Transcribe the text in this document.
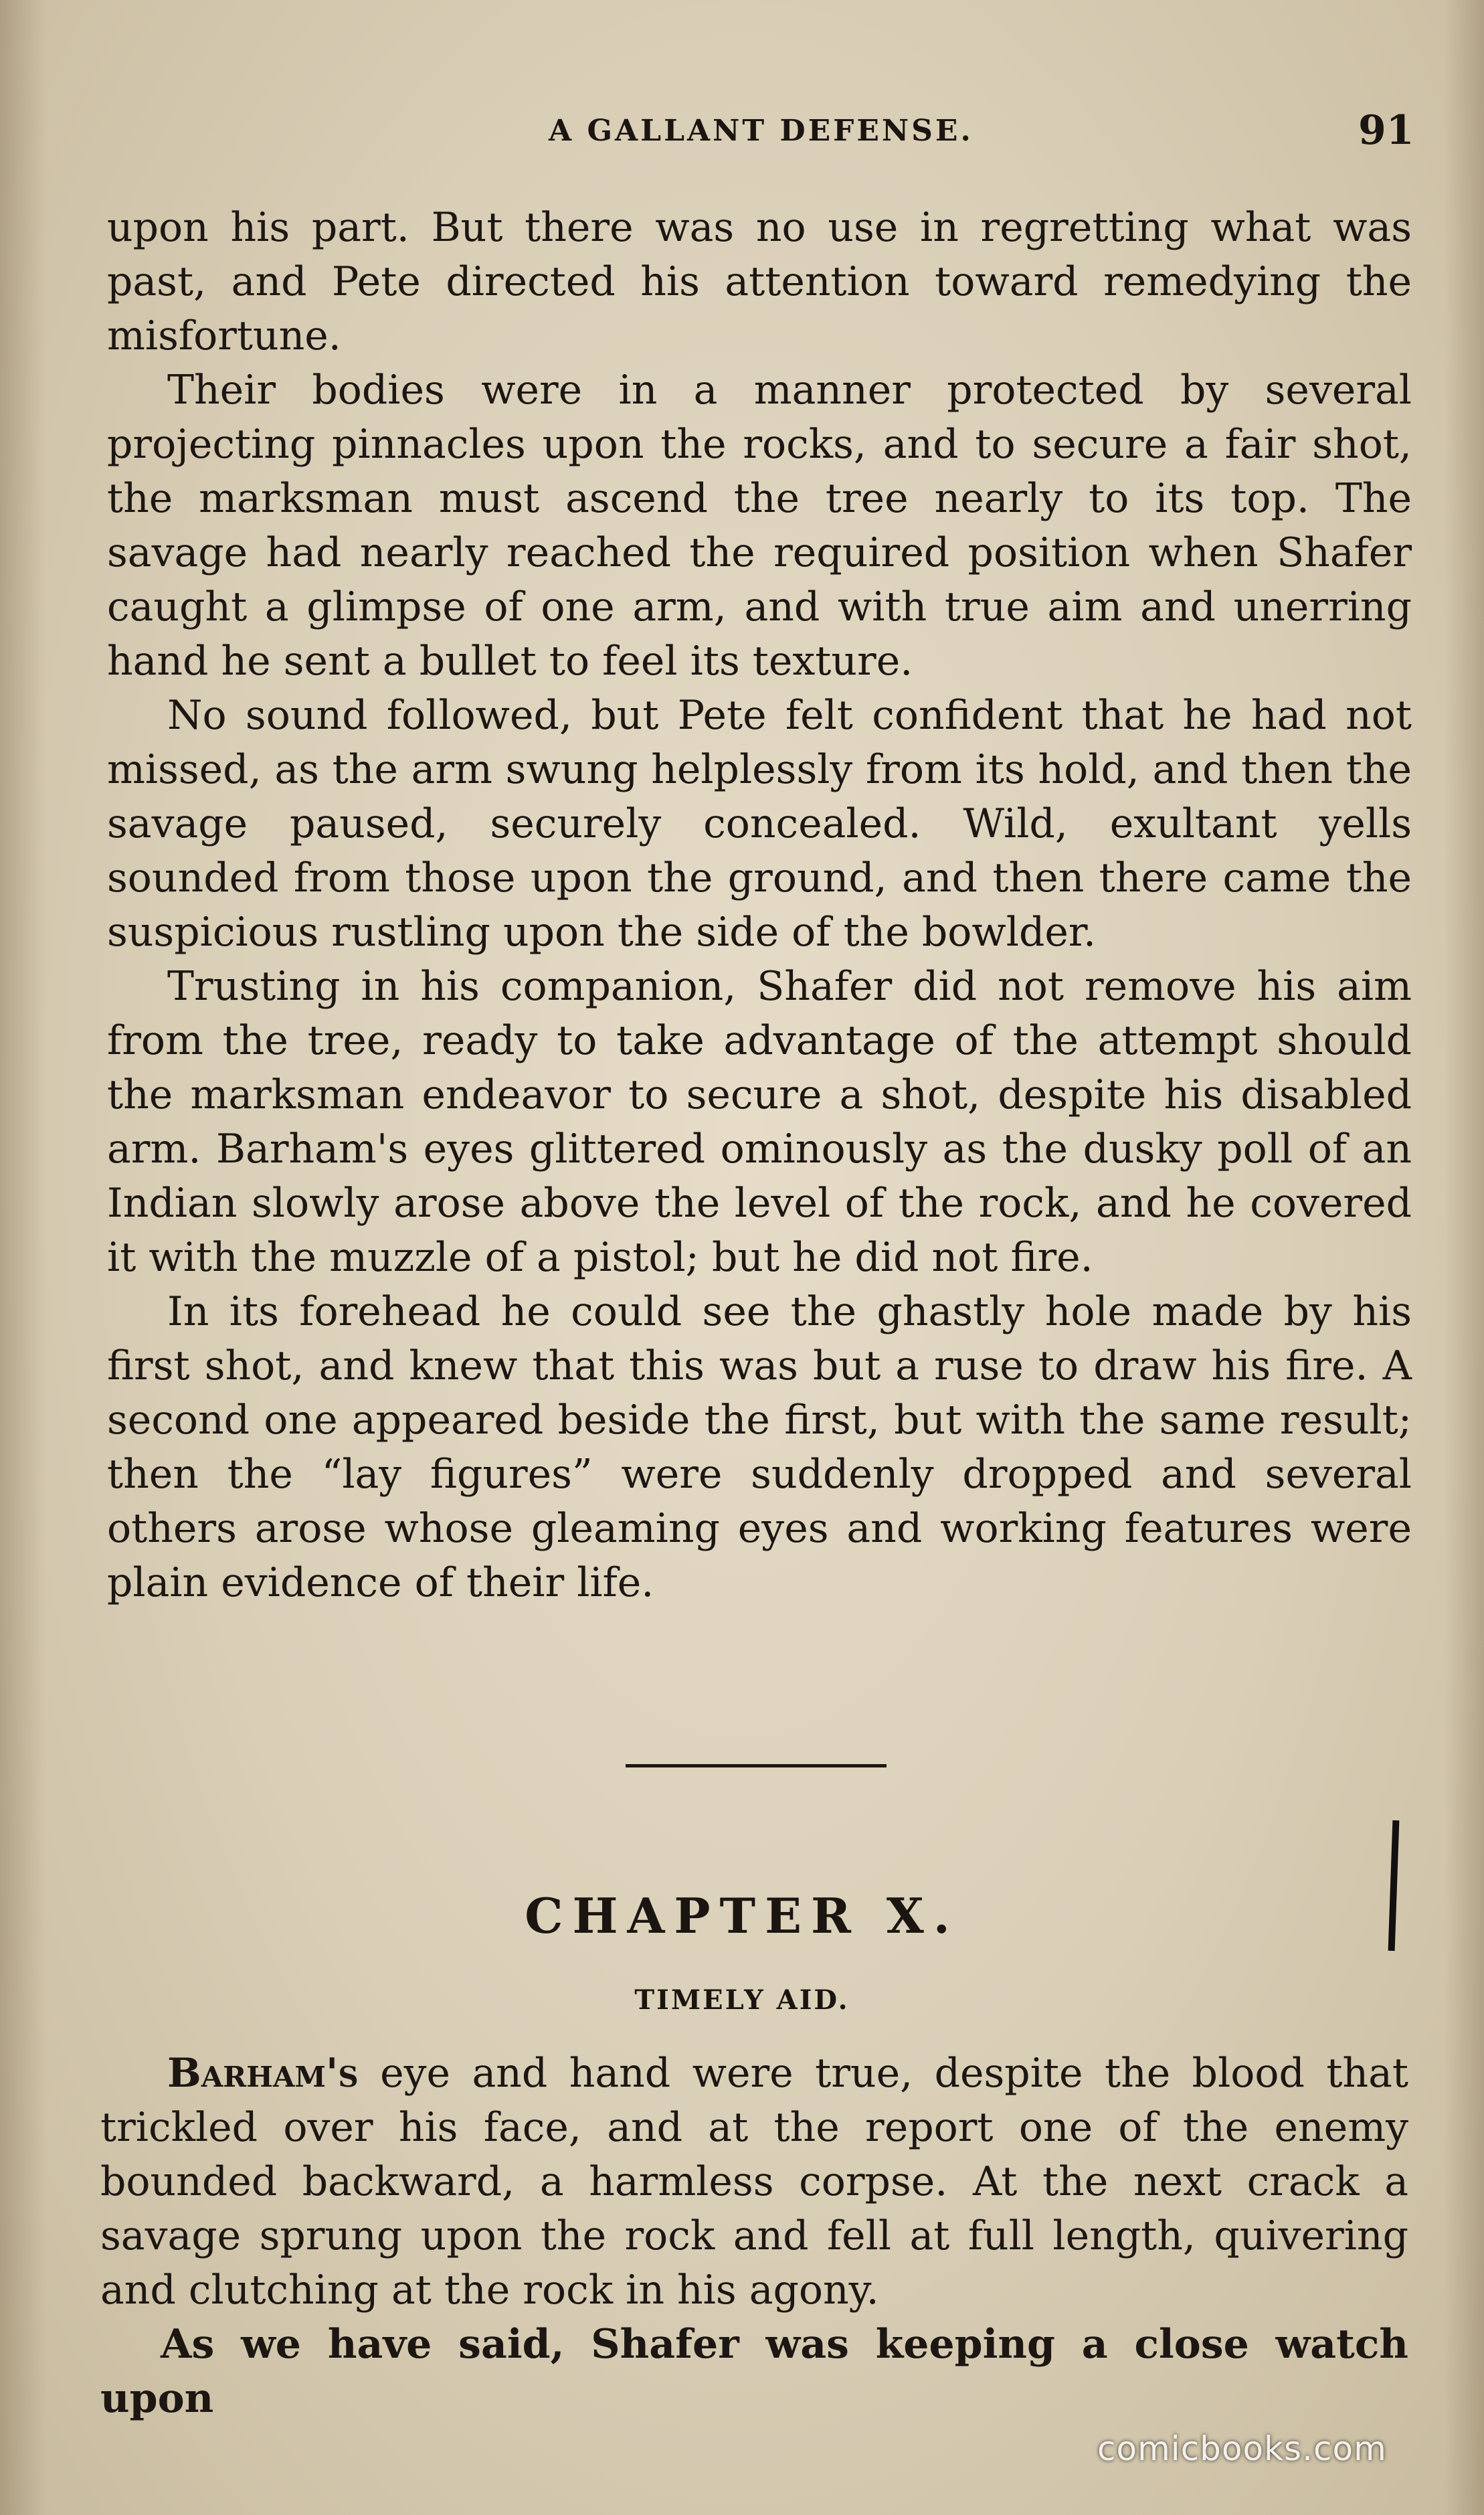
A GALLANT DEFENSE.	91

upon his part. But there was no use in regretting what was past, and Pete directed his attention toward remedying the misfortune.

Their bodies were in a manner protected by several projecting pinnacles upon the rocks, and to secure a fair shot, the marksman must ascend the tree nearly to its top. The savage had nearly reached the required position when Shafer caught a glimpse of one arm, and with true aim and unerring hand he sent a bullet to feel its texture.

No sound followed, but Pete felt confident that he had not missed, as the arm swung helplessly from its hold, and then the savage paused, securely concealed. Wild, exultant yells sounded from those upon the ground, and then there came the suspicious rustling upon the side of the bowlder.

Trusting in his companion, Shafer did not remove his aim from the tree, ready to take advantage of the attempt should the marksman endeavor to secure a shot, despite his disabled arm. Barham's eyes glittered ominously as the dusky poll of an Indian slowly arose above the level of the rock, and he covered it with the muzzle of a pistol; but he did not fire.

In its forehead he could see the ghastly hole made by his first shot, and knew that this was but a ruse to draw his fire. A second one appeared beside the first, but with the same result; then the “lay figures” were suddenly dropped and several others arose whose gleaming eyes and working features were plain evidence of their life.

CHAPTER X.
TIMELY AID.

Barham's eye and hand were true, despite the blood that trickled over his face, and at the report one of the enemy bounded backward, a harmless corpse. At the next crack a savage sprung upon the rock and fell at full length, quivering and clutching at the rock in his agony.

As we have said, Shafer was keeping a close watch upon

comicbooks.com
